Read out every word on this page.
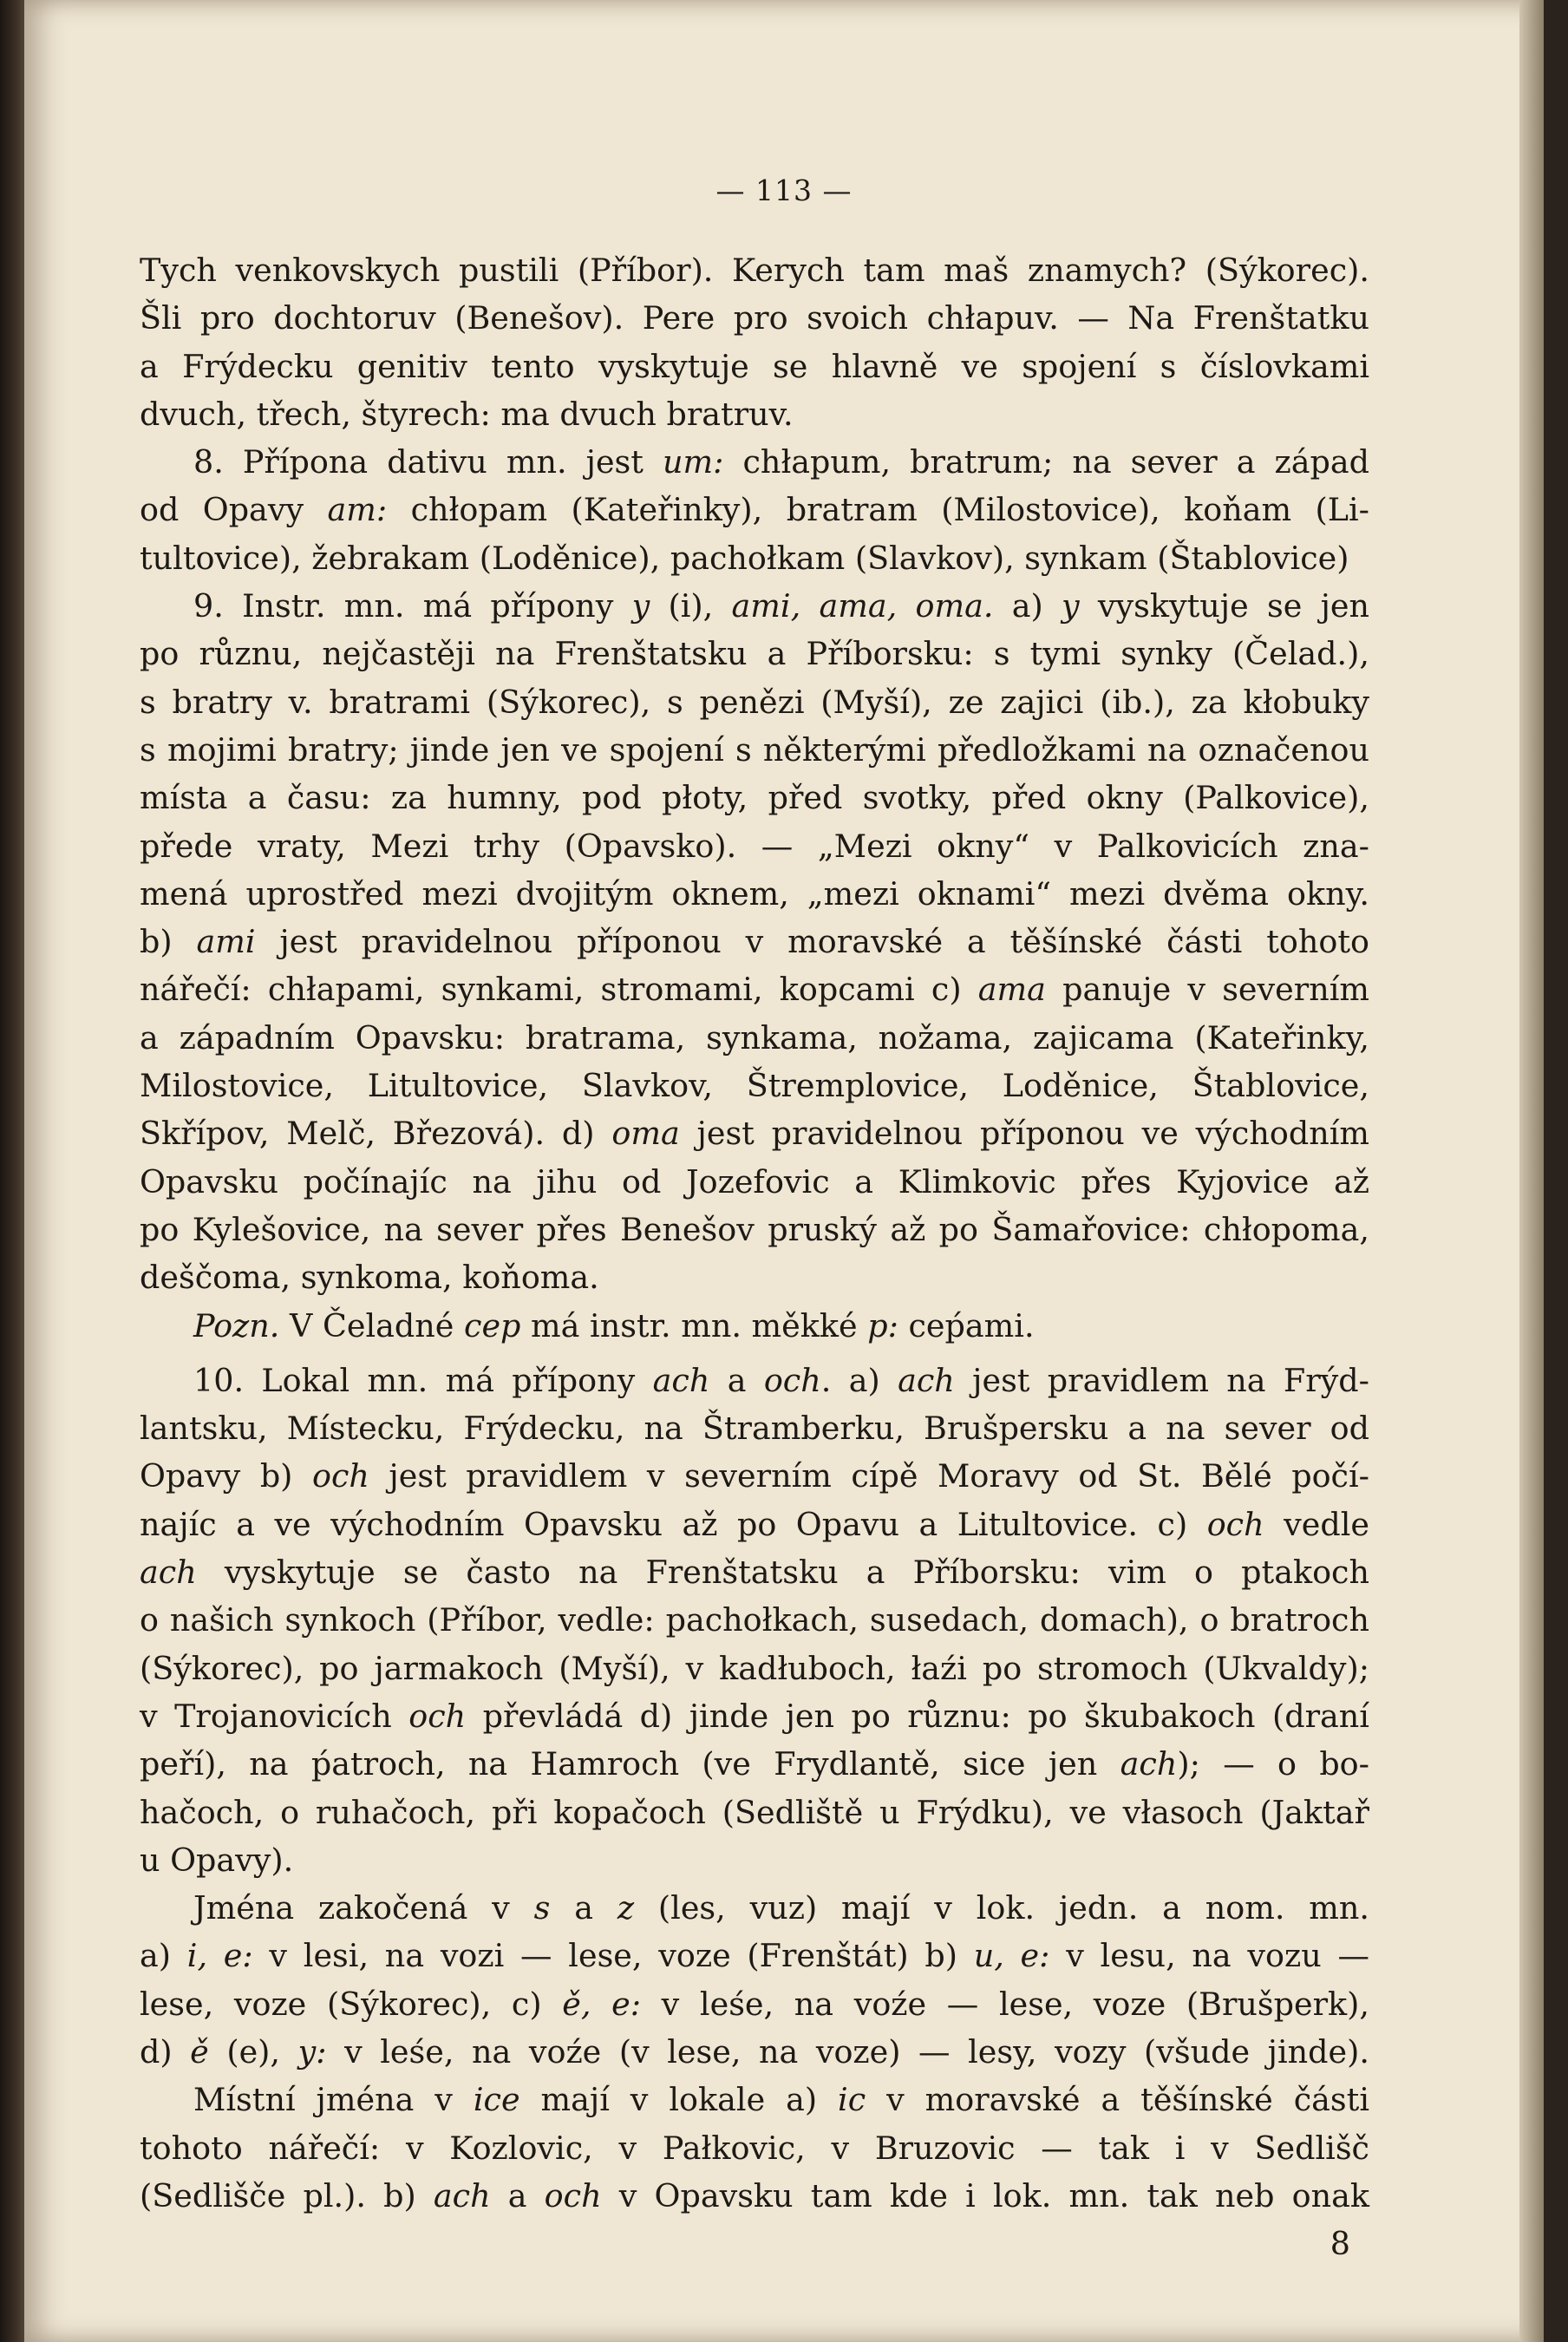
— 113 —
Tych venkovskych pustili (Příbor). Kerych tam maš znamych? (Sýkorec).
Šli pro dochtoruv (Benešov). Pere pro svoich chłapuv. — Na Frenštatku
a Frýdecku genitiv tento vyskytuje se hlavně ve spojení s číslovkami
dvuch, třech, štyrech: ma dvuch bratruv.
8. Přípona dativu mn. jest um: chłapum, bratrum; na sever a západ
od Opavy am: chłopam (Kateřinky), bratram (Milostovice), koňam (Li-
tultovice), žebrakam (Loděnice), pachołkam (Slavkov), synkam (Štablovice)
9. Instr. mn. má přípony y (i), ami, ama, oma. a) y vyskytuje se jen
po různu, nejčastěji na Frenštatsku a Příborsku: s tymi synky (Čelad.),
s bratry v. bratrami (Sýkorec), s penězi (Myší), ze zajici (ib.), za kłobuky
s mojimi bratry; jinde jen ve spojení s některými předložkami na označenou
místa a času: za humny, pod płoty, před svotky, před okny (Palkovice),
přede vraty, Mezi trhy (Opavsko). — „Mezi okny“ v Palkovicích zna-
mená uprostřed mezi dvojitým oknem, „mezi oknami“ mezi dvěma okny.
b) ami jest pravidelnou příponou v moravské a těšínské části tohoto
nářečí: chłapami, synkami, stromami, kopcami c) ama panuje v severním
a západním Opavsku: bratrama, synkama, nožama, zajicama (Kateřinky,
Milostovice, Litultovice, Slavkov, Štremplovice, Loděnice, Štablovice,
Skřípov, Melč, Březová). d) oma jest pravidelnou příponou ve východním
Opavsku počínajíc na jihu od Jozefovic a Klimkovic přes Kyjovice až
po Kylešovice, na sever přes Benešov pruský až po Šamařovice: chłopoma,
deščoma, synkoma, koňoma.
Pozn. V Čeladné cep má instr. mn. měkké p: ceṕami.
10. Lokal mn. má přípony ach a och. a) ach jest pravidlem na Frýd-
lantsku, Místecku, Frýdecku, na Štramberku, Brušpersku a na sever od
Opavy b) och jest pravidlem v severním cípě Moravy od St. Bělé počí-
najíc a ve východním Opavsku až po Opavu a Litultovice. c) och vedle
ach vyskytuje se často na Frenštatsku a Příborsku: vim o ptakoch
o našich synkoch (Příbor, vedle: pachołkach, susedach, domach), o bratroch
(Sýkorec), po jarmakoch (Myší), v kadłuboch, łaźi po stromoch (Ukvaldy);
v Trojanovicích och převládá d) jinde jen po různu: po škubakoch (draní
peří), na ṕatroch, na Hamroch (ve Frydlantě, sice jen ach); — o bo-
hačoch, o ruhačoch, při kopačoch (Sedliště u Frýdku), ve vłasoch (Jaktař
u Opavy).
Jména zakočená v s a z (les, vuz) mají v lok. jedn. a nom. mn.
a) i, e: v lesi, na vozi — lese, voze (Frenštát) b) u, e: v lesu, na vozu —
lese, voze (Sýkorec), c) ě, e: v leśe, na voźe — lese, voze (Brušperk),
d) ě (e), y: v leśe, na voźe (v lese, na voze) — lesy, vozy (všude jinde).
Místní jména v ice mají v lokale a) ic v moravské a těšínské části
tohoto nářečí: v Kozlovic, v Pałkovic, v Bruzovic — tak i v Sedlišč
(Sedlišče pl.). b) ach a och v Opavsku tam kde i lok. mn. tak neb onak
8
